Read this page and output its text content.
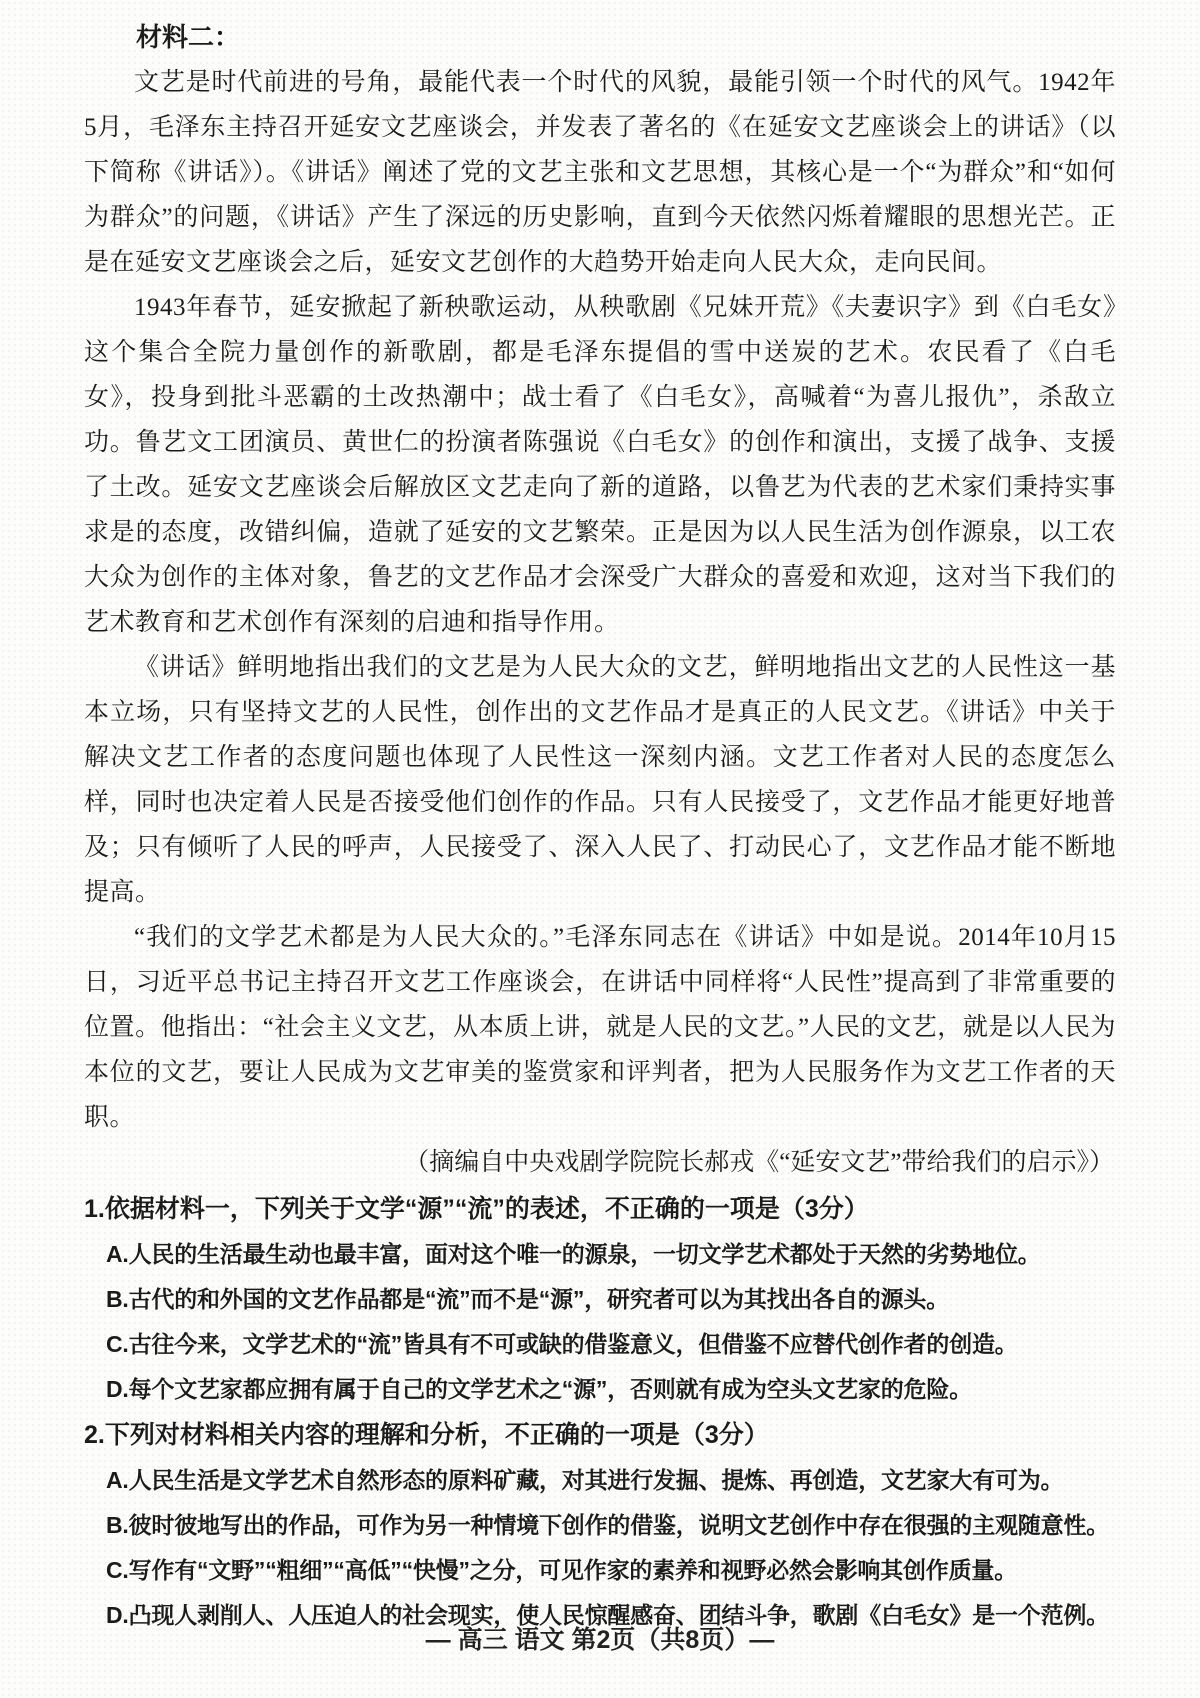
材料二：

文艺是时代前进的号角，最能代表一个时代的风貌，最能引领一个时代的风气。1942年5月，毛泽东主持召开延安文艺座谈会，并发表了著名的《在延安文艺座谈会上的讲话》（以下简称《讲话》）。《讲话》阐述了党的文艺主张和文艺思想，其核心是一个“为群众”和“如何为群众”的问题，《讲话》产生了深远的历史影响，直到今天依然闪烁着耀眼的思想光芒。正是在延安文艺座谈会之后，延安文艺创作的大趋势开始走向人民大众，走向民间。

1943年春节，延安掀起了新秧歌运动，从秧歌剧《兄妹开荒》《夫妻识字》到《白毛女》这个集合全院力量创作的新歌剧，都是毛泽东提倡的雪中送炭的艺术。农民看了《白毛女》，投身到批斗恶霸的土改热潮中；战士看了《白毛女》，高喊着“为喜儿报仇”，杀敌立功。鲁艺文工团演员、黄世仁的扮演者陈强说《白毛女》的创作和演出，支援了战争、支援了土改。延安文艺座谈会后解放区文艺走向了新的道路，以鲁艺为代表的艺术家们秉持实事求是的态度，改错纠偏，造就了延安的文艺繁荣。正是因为以人民生活为创作源泉，以工农大众为创作的主体对象，鲁艺的文艺作品才会深受广大群众的喜爱和欢迎，这对当下我们的艺术教育和艺术创作有深刻的启迪和指导作用。

《讲话》鲜明地指出我们的文艺是为人民大众的文艺，鲜明地指出文艺的人民性这一基本立场，只有坚持文艺的人民性，创作出的文艺作品才是真正的人民文艺。《讲话》中关于解决文艺工作者的态度问题也体现了人民性这一深刻内涵。文艺工作者对人民的态度怎么样，同时也决定着人民是否接受他们创作的作品。只有人民接受了，文艺作品才能更好地普及；只有倾听了人民的呼声，人民接受了、深入人民了、打动民心了，文艺作品才能不断地提高。

“我们的文学艺术都是为人民大众的。”毛泽东同志在《讲话》中如是说。2014年10月15日，习近平总书记主持召开文艺工作座谈会，在讲话中同样将“人民性”提高到了非常重要的位置。他指出：“社会主义文艺，从本质上讲，就是人民的文艺。”人民的文艺，就是以人民为本位的文艺，要让人民成为文艺审美的鉴赏家和评判者，把为人民服务作为文艺工作者的天职。

（摘编自中央戏剧学院院长郝戎《“延安文艺”带给我们的启示》）

1.依据材料一，下列关于文学“源”“流”的表述，不正确的一项是（3分）

A.人民的生活最生动也最丰富，面对这个唯一的源泉，一切文学艺术都处于天然的劣势地位。

B.古代的和外国的文艺作品都是“流”而不是“源”，研究者可以为其找出各自的源头。

C.古往今来，文学艺术的“流”皆具有不可或缺的借鉴意义，但借鉴不应替代创作者的创造。

D.每个文艺家都应拥有属于自己的文学艺术之“源”，否则就有成为空头文艺家的危险。

2.下列对材料相关内容的理解和分析，不正确的一项是（3分）

A.人民生活是文学艺术自然形态的原料矿藏，对其进行发掘、提炼、再创造，文艺家大有可为。

B.彼时彼地写出的作品，可作为另一种情境下创作的借鉴，说明文艺创作中存在很强的主观随意性。

C.写作有“文野”“粗细”“高低”“快慢”之分，可见作家的素养和视野必然会影响其创作质量。

D.凸现人剥削人、人压迫人的社会现实，使人民惊醒感奋、团结斗争，歌剧《白毛女》是一个范例。

— 高三 语文 第2页（共8页）—
